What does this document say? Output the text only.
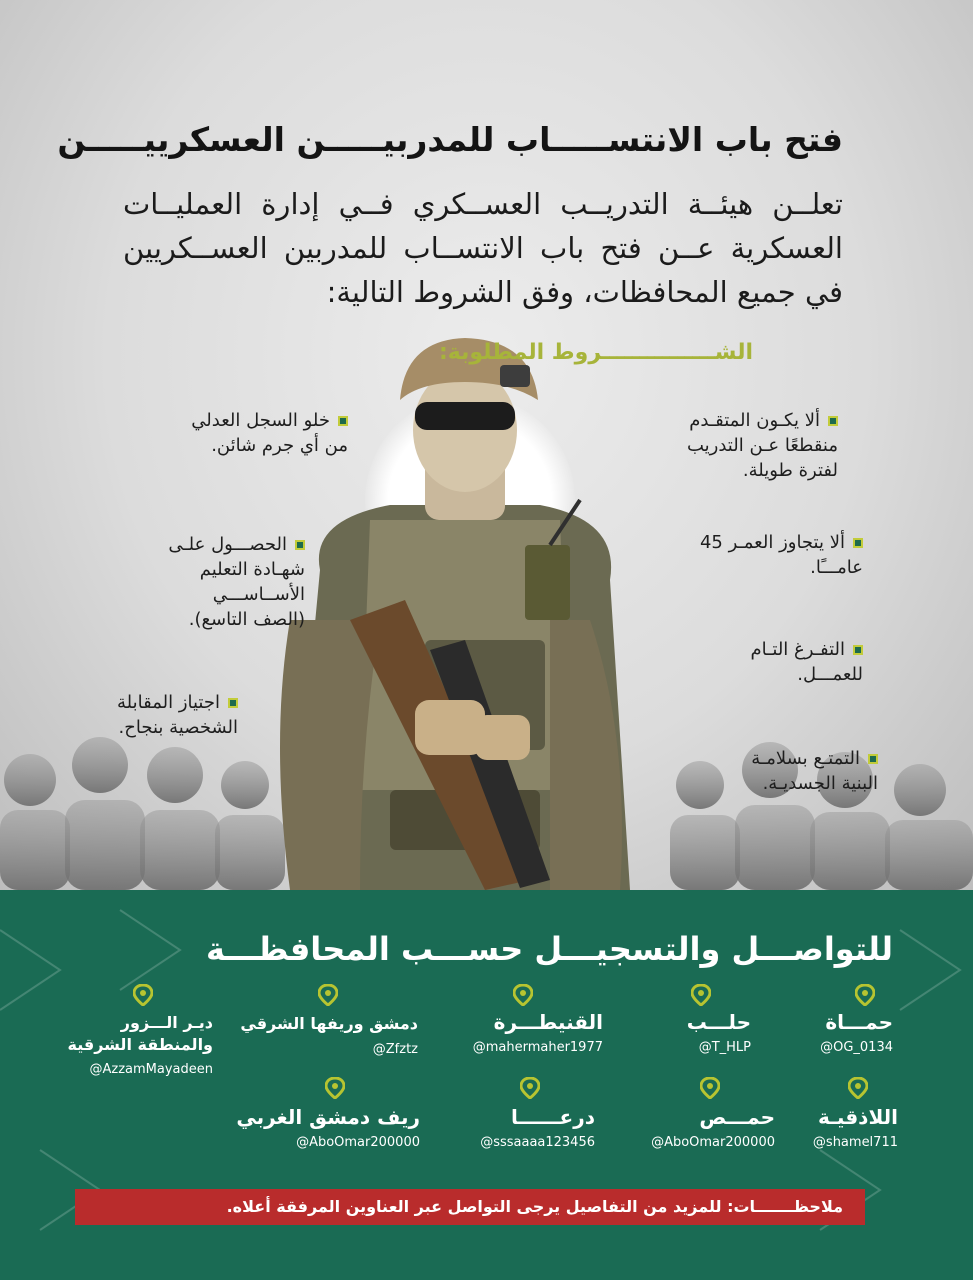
فتح باب الانتســـــاب للمدربيـــــن العسكرييـــــن
تعلــن هيئــة التدريــب العســكري فــي إدارة العمليــات العسكرية عــن فتح باب الانتســاب للمدربين العســكريين في جميع المحافظات، وفق الشروط التالية:
الشـــــــــــــــروط المطلوبة:
ألا يكـون المتقـدم
منقطعًا عـن التدريب
لفترة طويلة.
ألا يتجاوز العمـر 45
عامـــًا.
التفـرغ التـام
للعمـــل.
التمتـع بسلامـة
البنية الجسديـة.
خلو السجل العدلي
من أي جرم شائن.
الحصـــول علـى
شهـادة التعليم
الأســاســـي
(الصف التاسع).
اجتياز المقابلة
الشخصية بنجاح.
للتواصـــل والتسجيـــل حســـب المحافظـــة
حمـــاة
@OG_0134
حلـــب
@T_HLP
القنيطـــرة
@mahermaher1977
دمشق وريفها الشرقي
@Zfztz
ديـر الـــزور
والمنطقة الشرقية
@AzzamMayadeen
اللاذقيـة
@shamel711
حمـــص
@AbоOmar200000
درعــــــا
@sssaaaa123456
ريف دمشق الغربي
@AboOmar200000
ملاحظـــــــات: للمزيد من التفاصيل يرجى التواصل عبر العناوين المرفقة أعلاه.
